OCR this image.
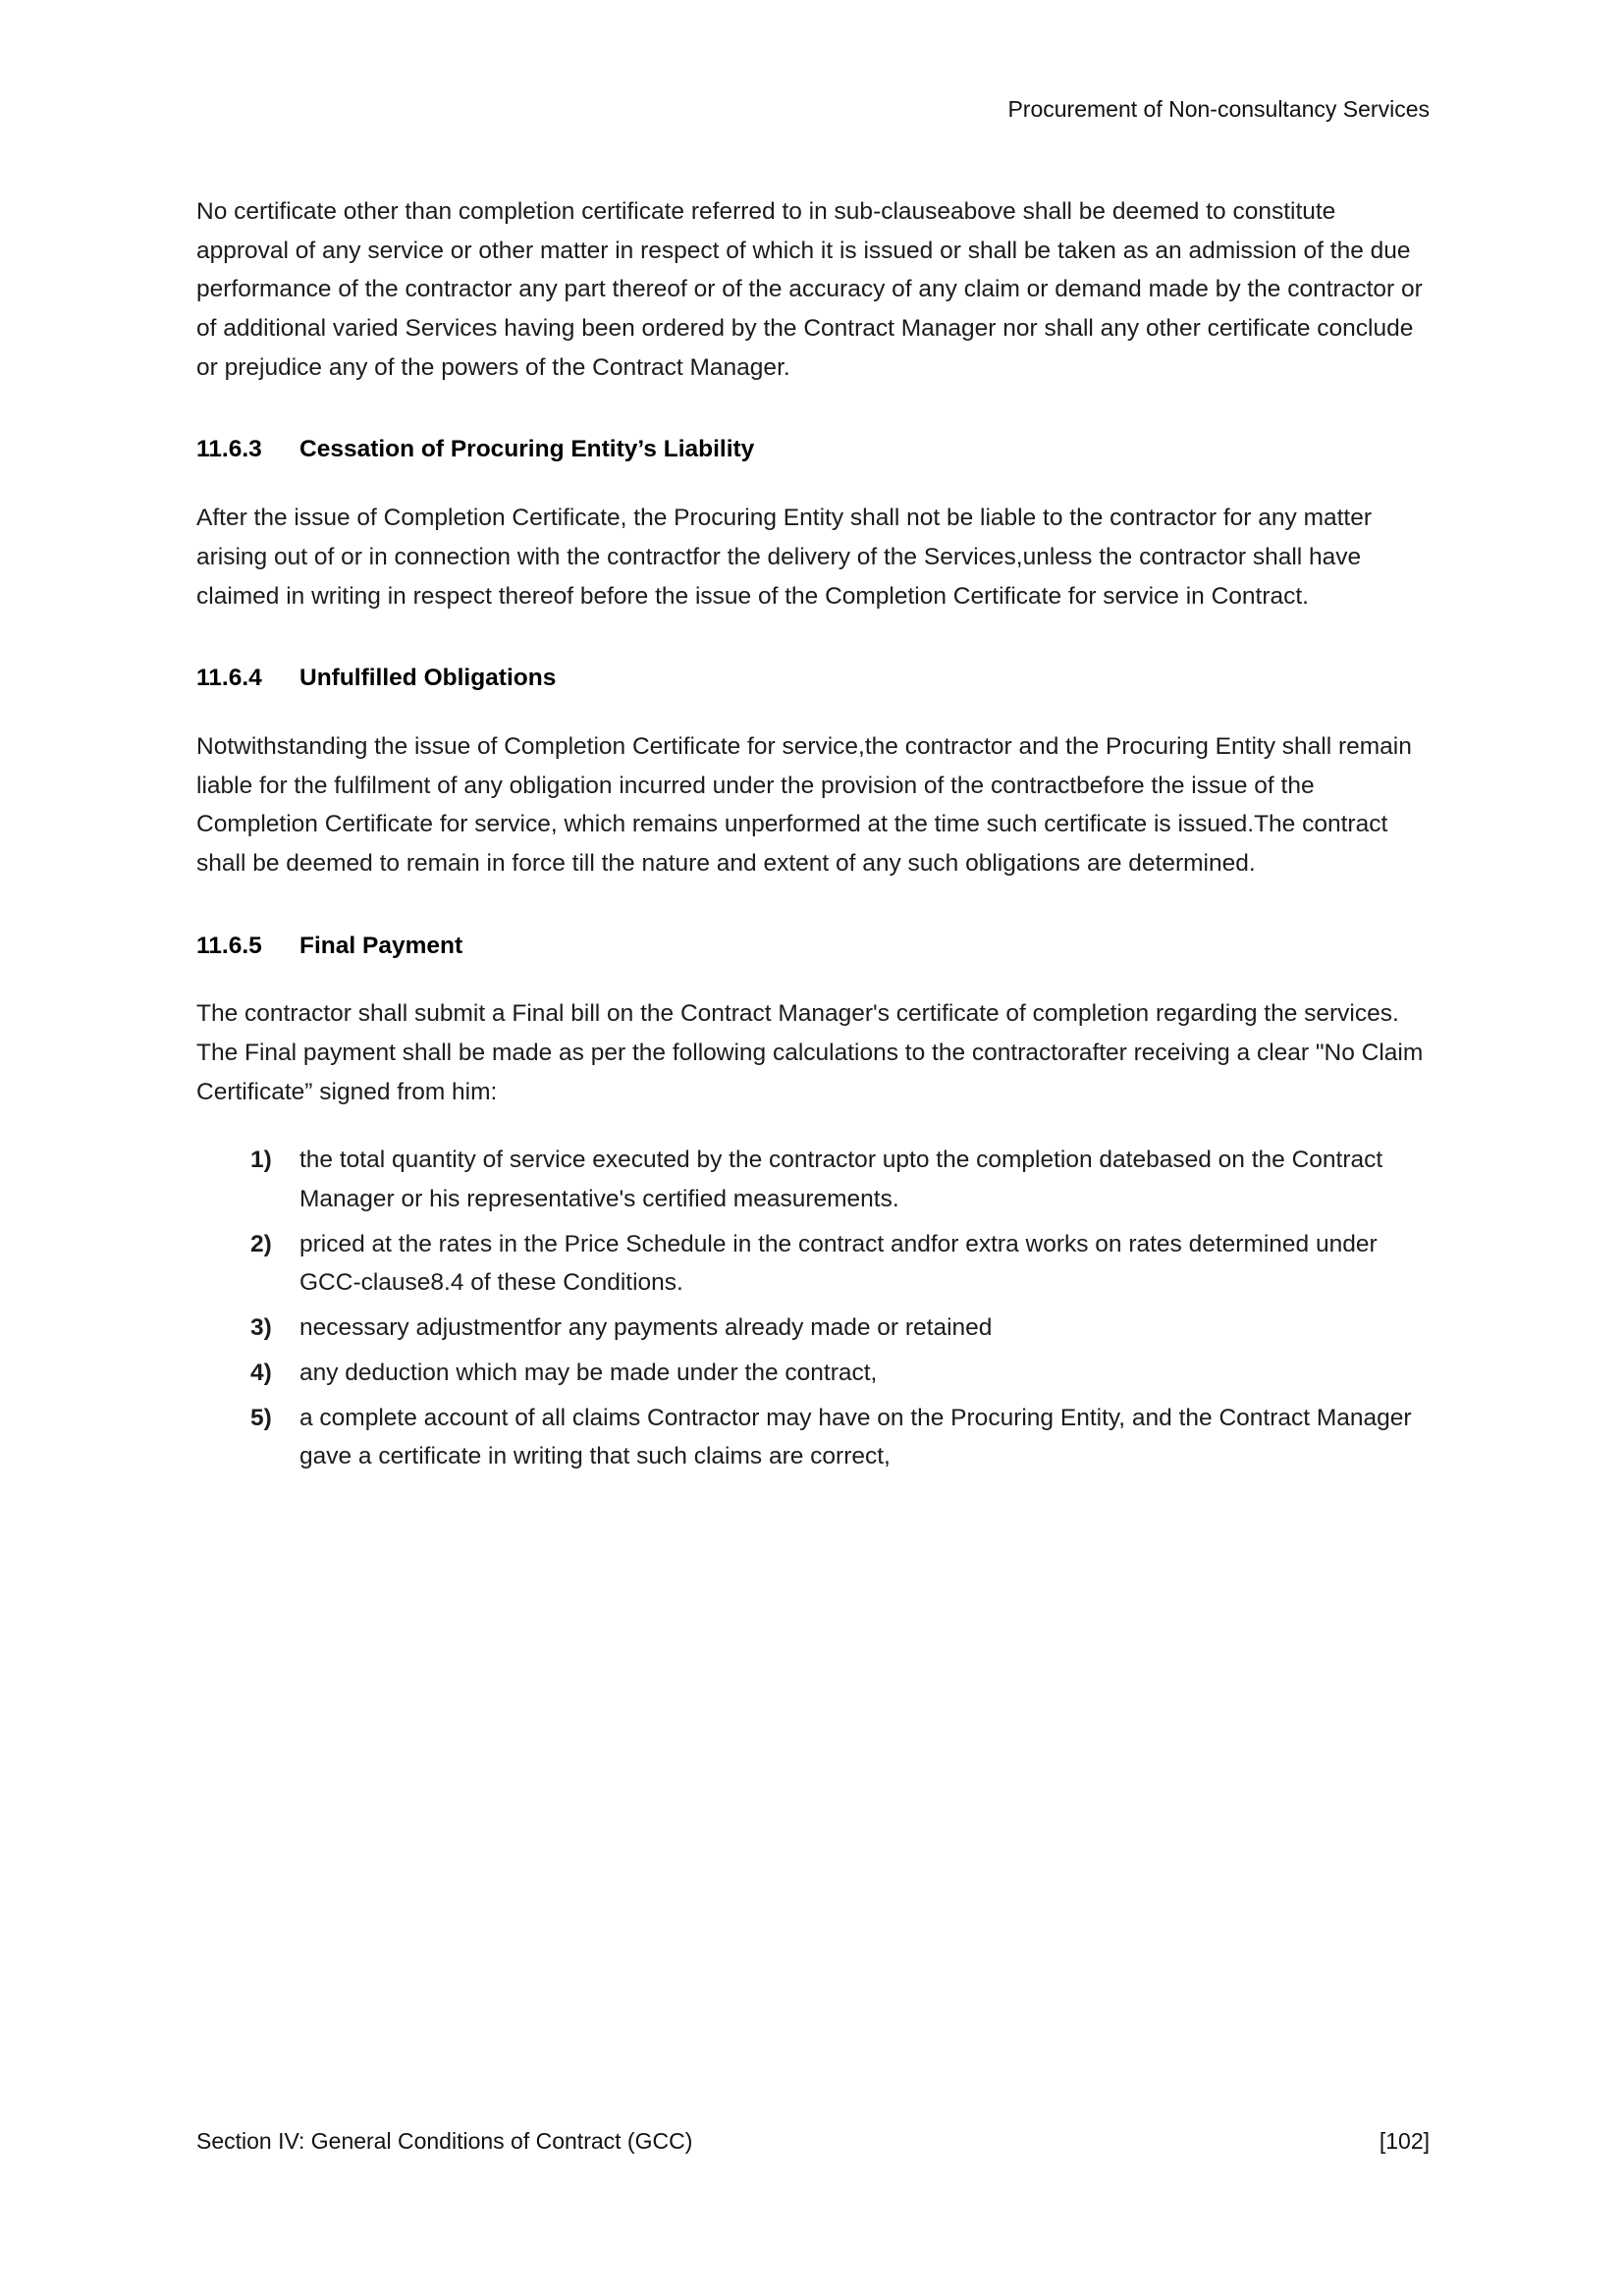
Procurement of Non-consultancy Services

No certificate other than completion certificate referred to in sub-clauseabove shall be deemed to constitute approval of any service or other matter in respect of which it is issued or shall be taken as an admission of the due performance of the contractor any part thereof or of the accuracy of any claim or demand made by the contractor or of additional varied Services having been ordered by the Contract Manager nor shall any other certificate conclude or prejudice any of the powers of the Contract Manager.

11.6.3	Cessation of Procuring Entity’s Liability

After the issue of Completion Certificate, the Procuring Entity shall not be liable to the contractor for any matter arising out of or in connection with the contractfor the delivery of the Services,unless the contractor shall have claimed in writing in respect thereof before the issue of the Completion Certificate for service in Contract.

11.6.4	Unfulfilled Obligations

Notwithstanding the issue of Completion Certificate for service,the contractor and the Procuring Entity shall remain liable for the fulfilment of any obligation incurred under the provision of the contractbefore the issue of the Completion Certificate for service, which remains unperformed at the time such certificate is issued.The contract shall be deemed to remain in force till the nature and extent of any such obligations are determined.

11.6.5	Final Payment

The contractor shall submit a Final bill on the Contract Manager's certificate of completion regarding the services. The Final payment shall be made as per the following calculations to the contractorafter receiving a clear "No Claim Certificate” signed from him:

1)	the total quantity of service executed by the contractor upto the completion datebased on the Contract Manager or his representative's certified measurements.
2)	priced at the rates in the Price Schedule in the contract andfor extra works on rates determined under GCC-clause8.4 of these Conditions.
3)	necessary adjustmentfor any payments already made or retained
4)	any deduction which may be made under the contract,
5)	a complete account of all claims Contractor may have on the Procuring Entity, and the Contract Manager gave a certificate in writing that such claims are correct,
Section IV: General Conditions of Contract (GCC)	[102]
